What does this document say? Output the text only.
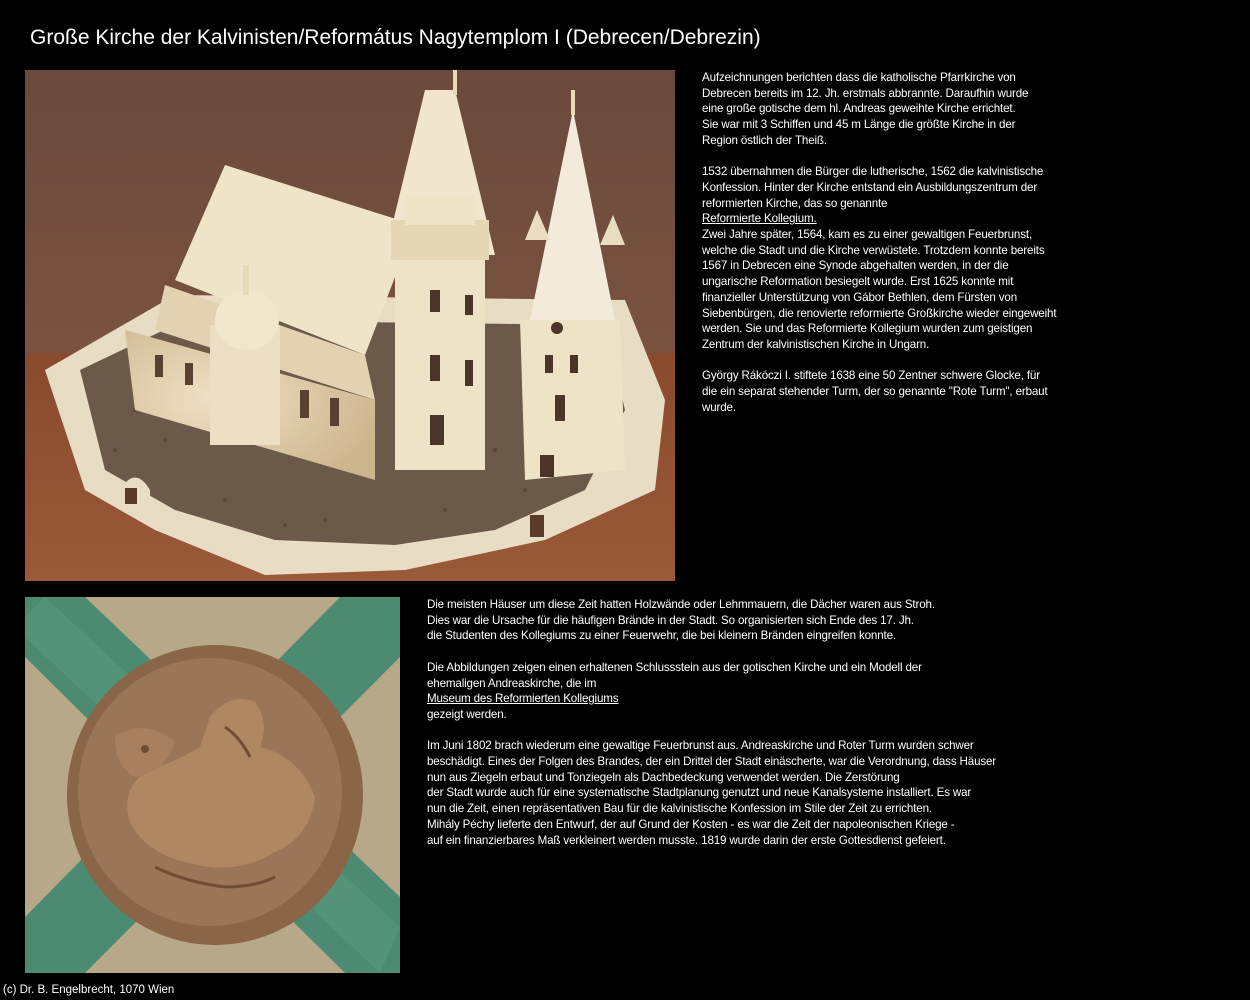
Große Kirche der Kalvinisten/Református Nagytemplom I (Debrecen/Debrezin)
Aufzeichnungen berichten dass die katholische Pfarrkirche von
Debrecen bereits im 12. Jh. erstmals abbrannte. Daraufhin wurde
eine große gotische dem hl. Andreas geweihte Kirche errichtet.
Sie war mit 3 Schiffen und 45 m Länge die größte Kirche in der
Region östlich der Theiß.
1532 übernahmen die Bürger die lutherische, 1562 die kalvinistische
Konfession. Hinter der Kirche entstand ein Ausbildungszentrum der
reformierten Kirche, das so genannte
Reformierte Kollegium.
Zwei Jahre später, 1564, kam es zu einer gewaltigen Feuerbrunst,
welche die Stadt und die Kirche verwüstete. Trotzdem konnte bereits
1567 in Debrecen eine Synode abgehalten werden, in der die
ungarische Reformation besiegelt wurde. Erst 1625 konnte mit
finanzieller Unterstützung von Gábor Bethlen, dem Fürsten von
Siebenbürgen, die renovierte reformierte Großkirche wieder eingeweiht
werden. Sie und das Reformierte Kollegium wurden zum geistigen
Zentrum der kalvinistischen Kirche in Ungarn.
György Rákóczi I. stiftete 1638 eine 50 Zentner schwere Glocke, für
die ein separat stehender Turm, der so genannte "Rote Turm", erbaut
wurde.
Die meisten Häuser um diese Zeit hatten Holzwände oder Lehmmauern, die Dächer waren aus Stroh.
Dies war die Ursache für die häufigen Brände in der Stadt. So organisierten sich Ende des 17. Jh.
die Studenten des Kollegiums zu einer Feuerwehr, die bei kleinern Bränden eingreifen konnte.
Die Abbildungen zeigen einen erhaltenen Schlussstein aus der gotischen Kirche und ein Modell der
ehemaligen Andreaskirche, die im
Museum des Reformierten Kollegiums
gezeigt werden.
Im Juni 1802 brach wiederum eine gewaltige Feuerbrunst aus. Andreaskirche und Roter Turm wurden schwer
beschädigt. Eines der Folgen des Brandes, der ein Drittel der Stadt einäscherte, war die Verordnung, dass Häuser
nun aus Ziegeln erbaut und Tonziegeln als Dachbedeckung verwendet werden. Die Zerstörung
der Stadt wurde auch für eine systematische Stadtplanung genutzt und neue Kanalsysteme installiert. Es war
nun die Zeit, einen repräsentativen Bau für die kalvinistische Konfession im Stile der Zeit zu errichten.
Mihály Péchy lieferte den Entwurf, der auf Grund der Kosten - es war die Zeit der napoleonischen Kriege -
auf ein finanzierbares Maß verkleinert werden musste. 1819 wurde darin der erste Gottesdienst gefeiert.
(c) Dr. B. Engelbrecht, 1070 Wien
